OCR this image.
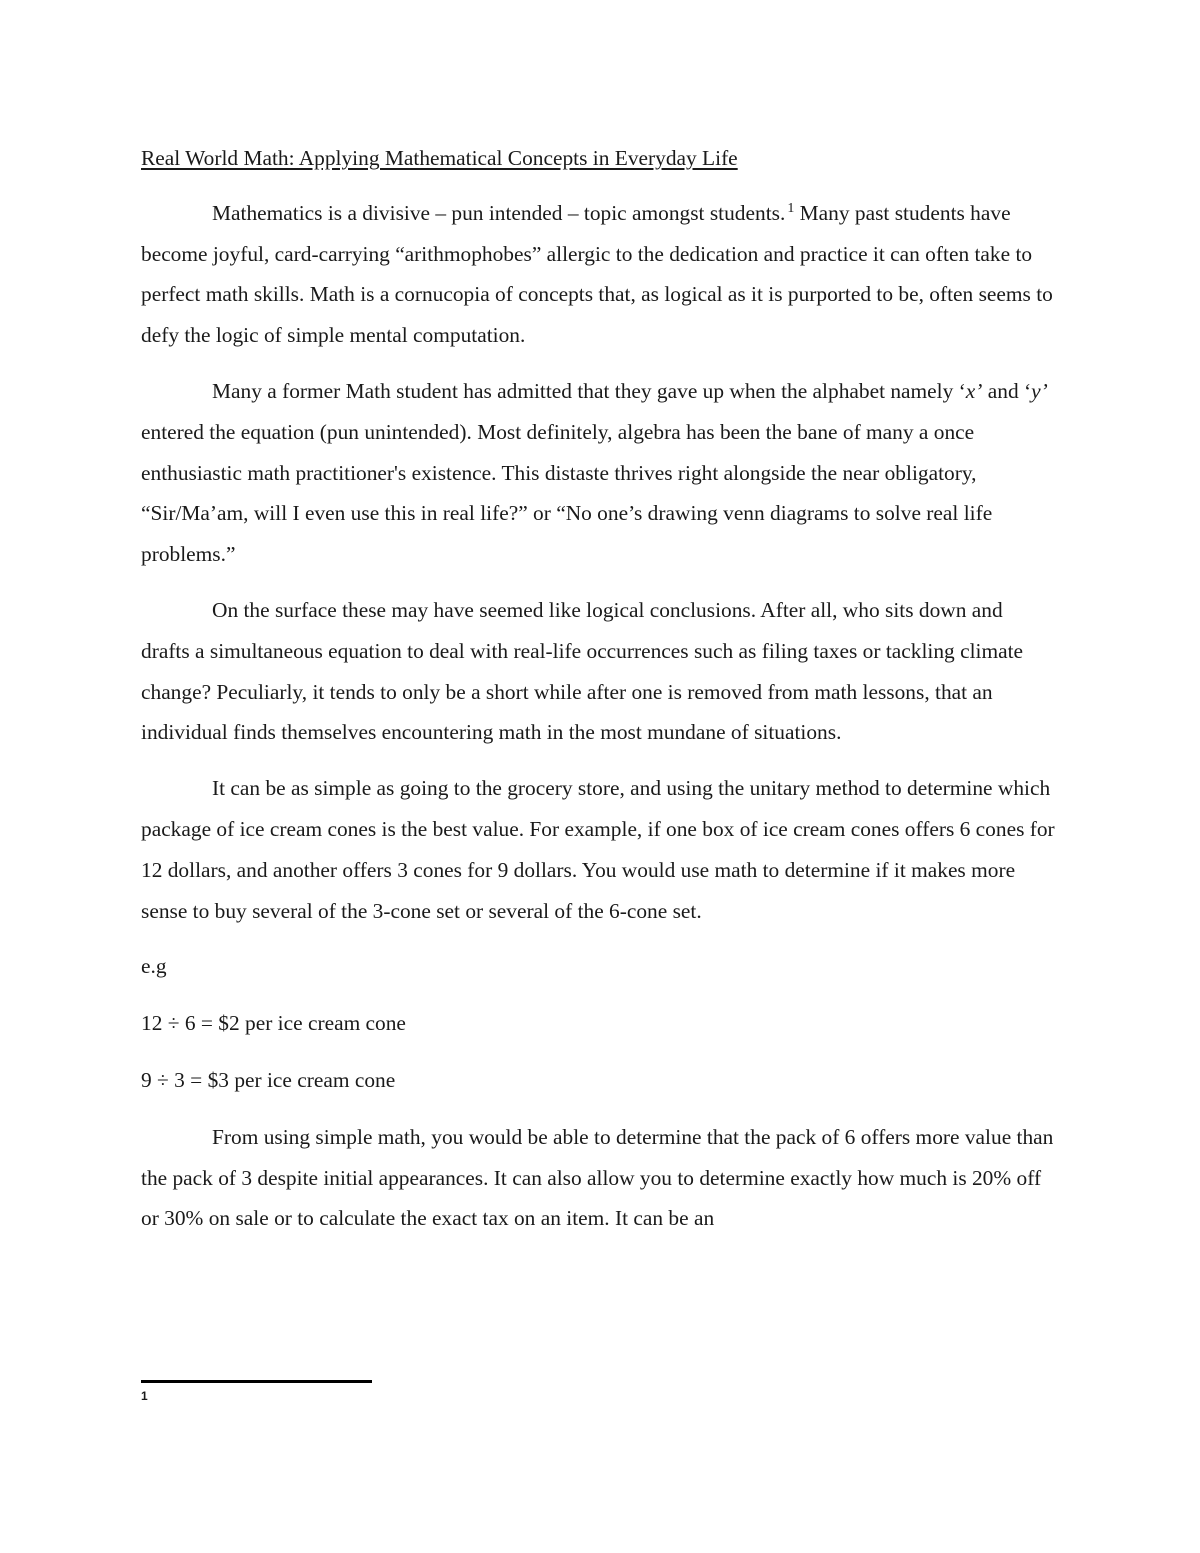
Real World Math: Applying Mathematical Concepts in Everyday Life

Mathematics is a divisive – pun intended – topic amongst students. $^1$ Many past students have become joyful, card-carrying “arithmophobes” allergic to the dedication and practice it can often take to perfect math skills. Math is a cornucopia of concepts that, as logical as it is purported to be, often seems to defy the logic of simple mental computation.

Many a former Math student has admitted that they gave up when the alphabet namely ‘x’ and ‘y’ entered the equation (pun unintended). Most definitely, algebra has been the bane of many a once enthusiastic math practitioner's existence. This distaste thrives right alongside the near obligatory, “Sir/Ma’am, will I even use this in real life?” or “No one’s drawing venn diagrams to solve real life problems.”

On the surface these may have seemed like logical conclusions. After all, who sits down and drafts a simultaneous equation to deal with real-life occurrences such as filing taxes or tackling climate change? Peculiarly, it tends to only be a short while after one is removed from math lessons, that an individual finds themselves encountering math in the most mundane of situations.

It can be as simple as going to the grocery store, and using the unitary method to determine which package of ice cream cones is the best value. For example, if one box of ice cream cones offers 6 cones for 12 dollars, and another offers 3 cones for 9 dollars. You would use math to determine if it makes more sense to buy several of the 3-cone set or several of the 6-cone set.

e.g

12 ÷ 6 = $2 per ice cream cone

9 ÷ 3 = $3 per ice cream cone

From using simple math, you would be able to determine that the pack of 6 offers more value than the pack of 3 despite initial appearances. It can also allow you to determine exactly how much is 20% off or 30% on sale or to calculate the exact tax on an item. It can be an

1
